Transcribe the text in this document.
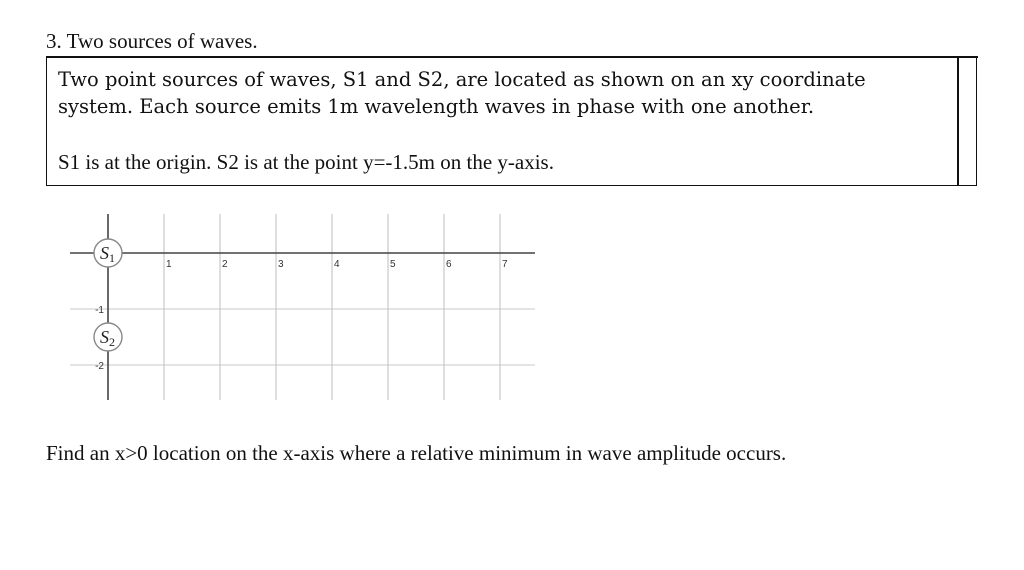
3. Two sources of waves.

Two point sources of waves, S1 and S2, are located as shown on an xy coordinate system. Each source emits 1m wavelength waves in phase with one another.

S1 is at the origin. S2 is at the point y=-1.5m on the y-axis.

1	2	3	4	5	6	7
-1
-2
S1
S2

Find an x>0 location on the x-axis where a relative minimum in wave amplitude occurs.
